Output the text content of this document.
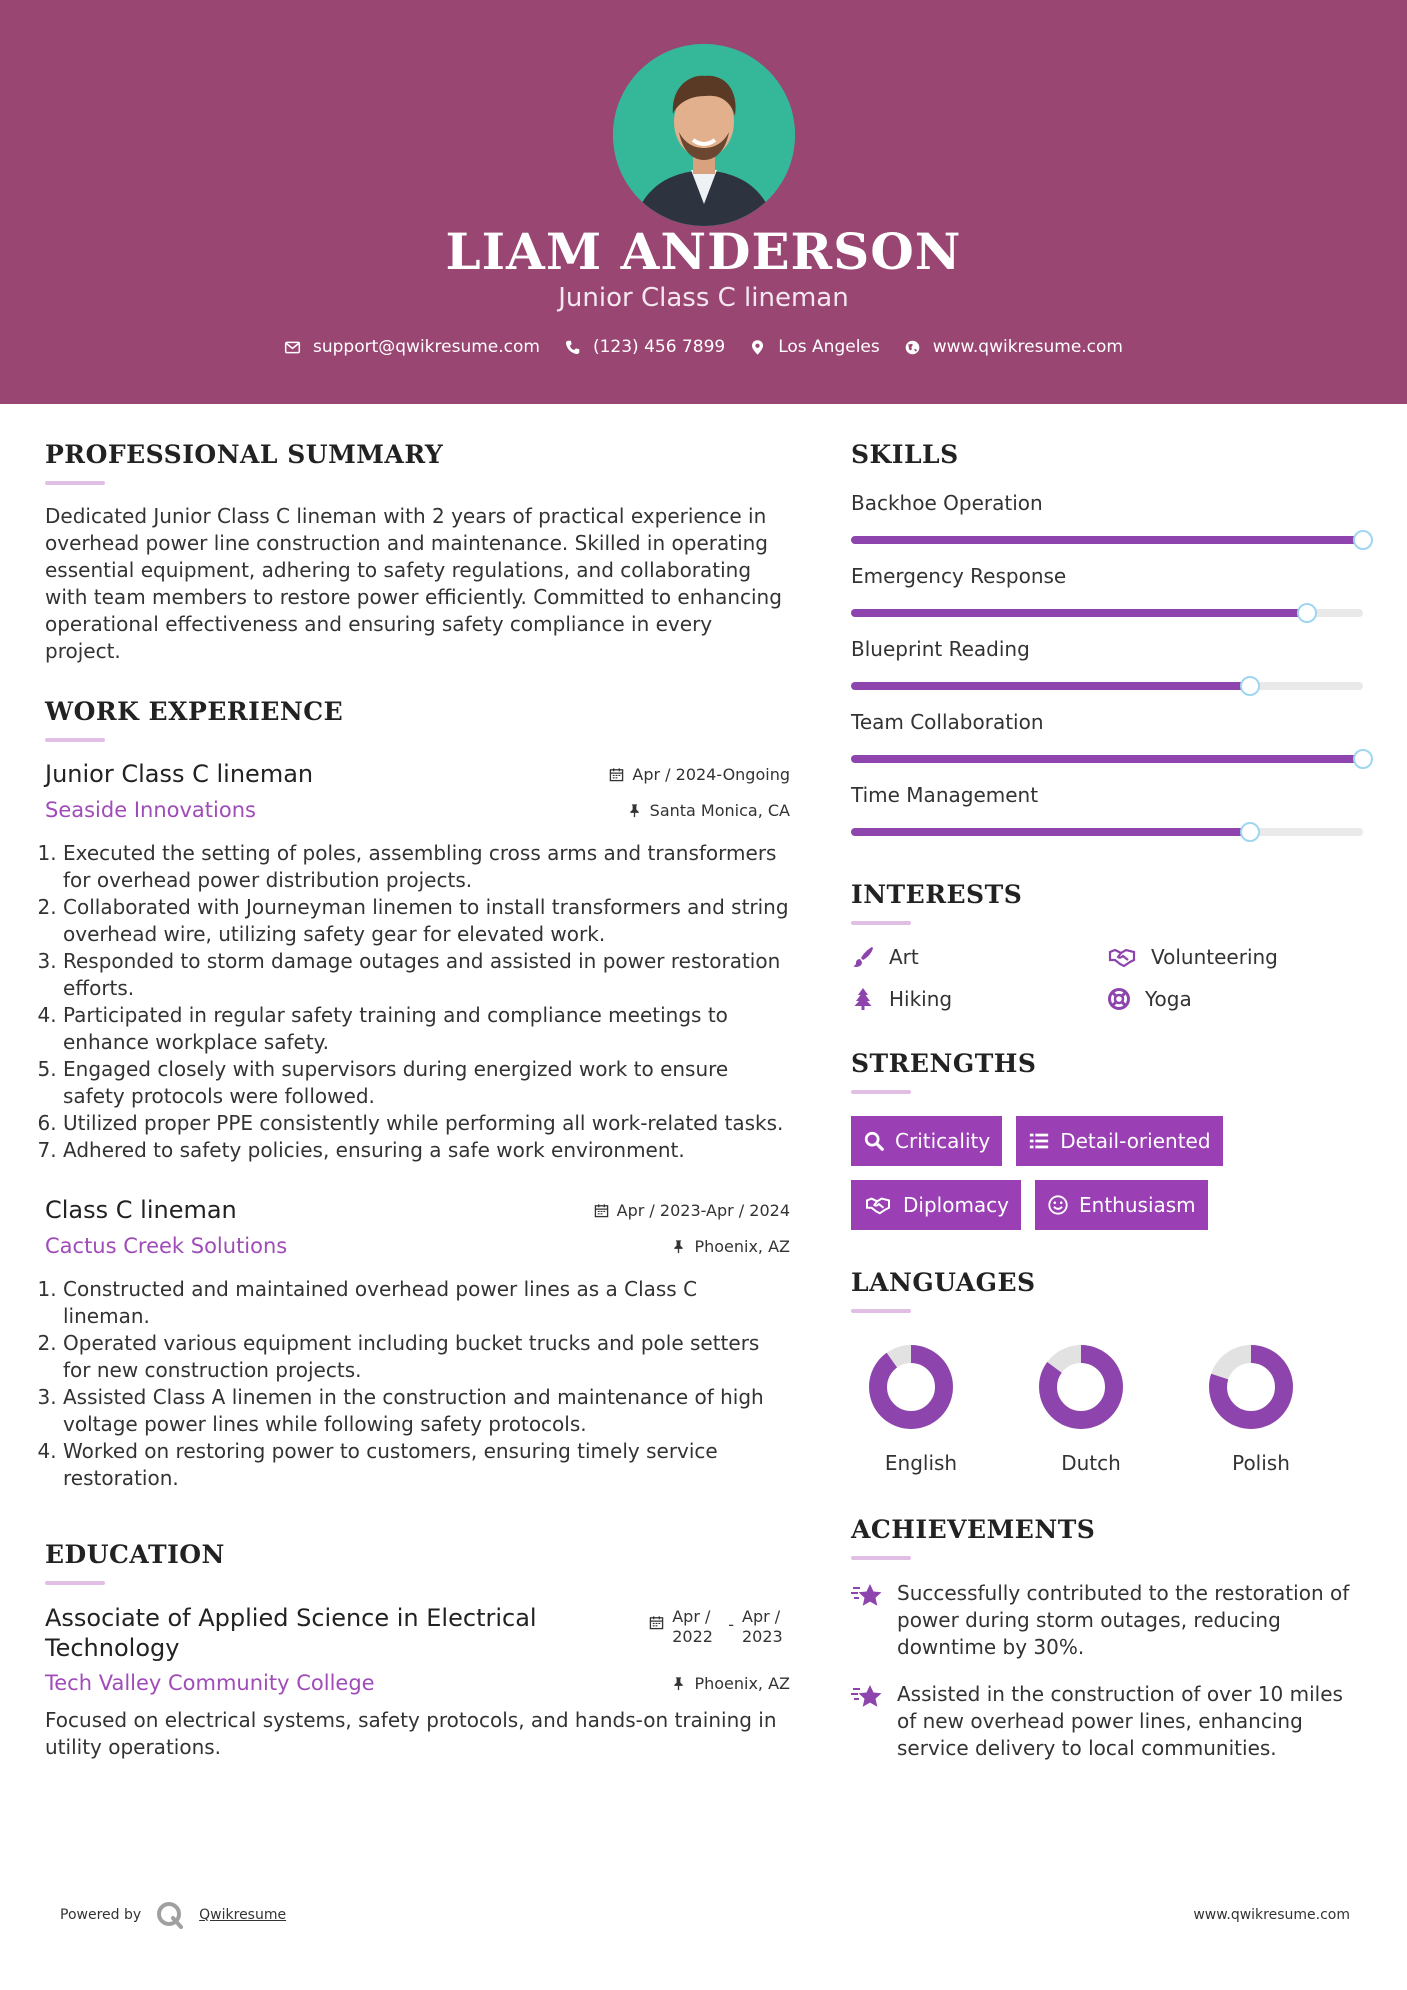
LIAM ANDERSON
Junior Class C lineman
support@qwikresume.com	(123) 456 7899	Los Angeles	www.qwikresume.com
PROFESSIONAL SUMMARY
Dedicated Junior Class C lineman with 2 years of practical experience in overhead power line construction and maintenance. Skilled in operating essential equipment, adhering to safety regulations, and collaborating with team members to restore power efficiently. Committed to enhancing operational effectiveness and ensuring safety compliance in every project.
WORK EXPERIENCE
Junior Class C lineman	Apr / 2024-Ongoing
Seaside Innovations	Santa Monica, CA
1. Executed the setting of poles, assembling cross arms and transformers for overhead power distribution projects.
2. Collaborated with Journeyman linemen to install transformers and string overhead wire, utilizing safety gear for elevated work.
3. Responded to storm damage outages and assisted in power restoration efforts.
4. Participated in regular safety training and compliance meetings to enhance workplace safety.
5. Engaged closely with supervisors during energized work to ensure safety protocols were followed.
6. Utilized proper PPE consistently while performing all work-related tasks.
7. Adhered to safety policies, ensuring a safe work environment.
Class C lineman	Apr / 2023-Apr / 2024
Cactus Creek Solutions	Phoenix, AZ
1. Constructed and maintained overhead power lines as a Class C lineman.
2. Operated various equipment including bucket trucks and pole setters for new construction projects.
3. Assisted Class A linemen in the construction and maintenance of high voltage power lines while following safety protocols.
4. Worked on restoring power to customers, ensuring timely service restoration.
EDUCATION
Associate of Applied Science in Electrical Technology
Apr / 2022
- Apr / 2023
Tech Valley Community College	Phoenix, AZ
Focused on electrical systems, safety protocols, and hands-on training in utility operations.
SKILLS
Backhoe Operation
Emergency Response
Blueprint Reading
Team Collaboration
Time Management
INTERESTS
Art	Volunteering
Hiking	Yoga
STRENGTHS
Criticality	Detail-oriented
Diplomacy	Enthusiasm
LANGUAGES
English	Dutch	Polish
ACHIEVEMENTS
Successfully contributed to the restoration of power during storm outages, reducing downtime by 30%.
Assisted in the construction of over 10 miles of new overhead power lines, enhancing service delivery to local communities.
Powered by	Qwikresume	www.qwikresume.com
